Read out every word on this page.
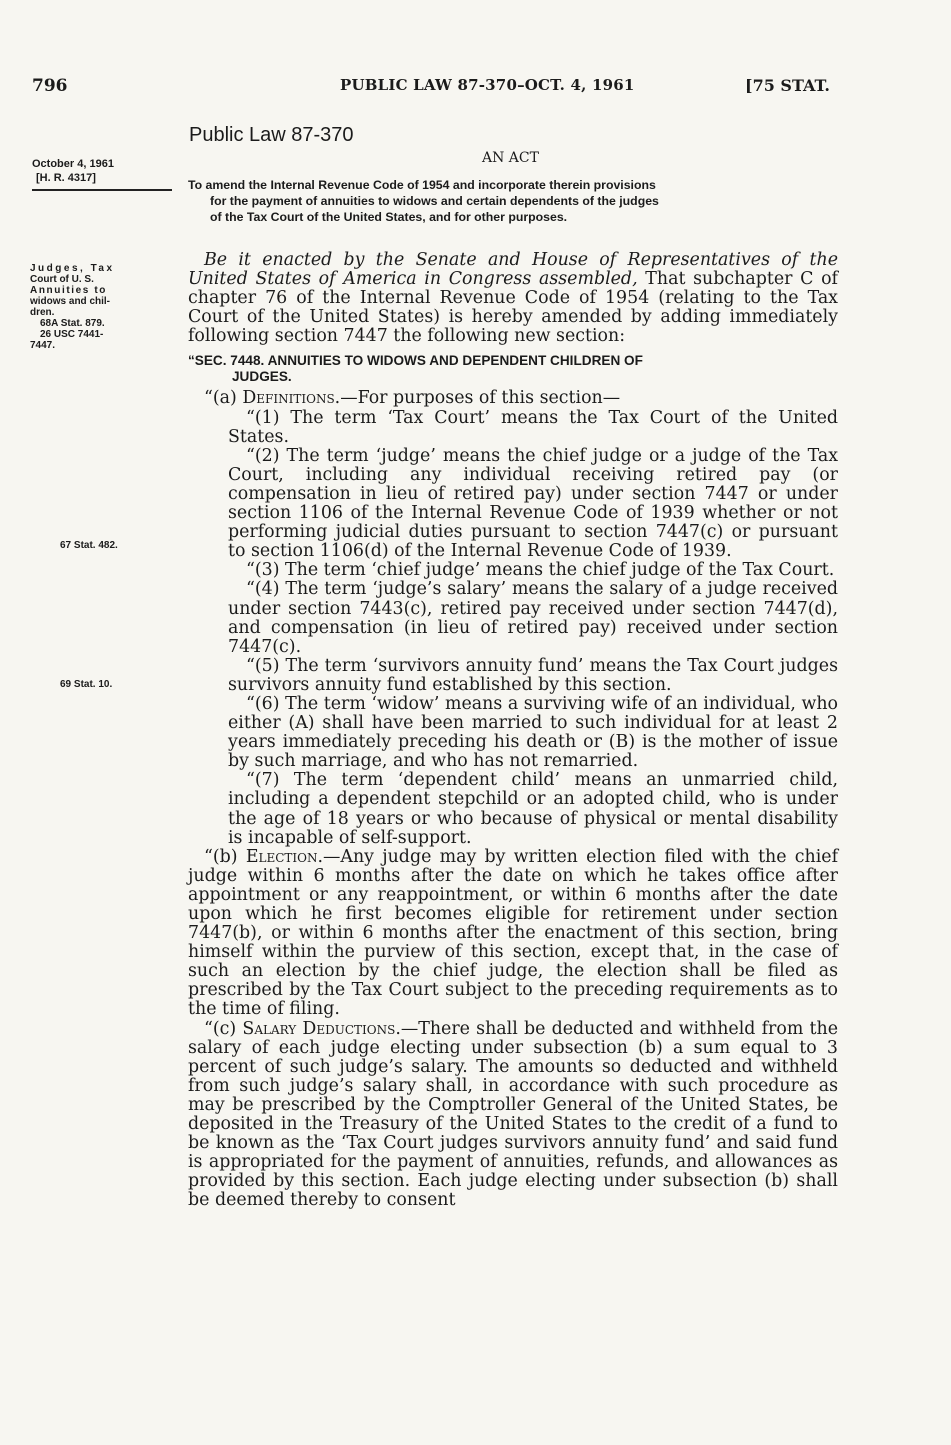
796	PUBLIC LAW 87-370–OCT. 4, 1961	[75 STAT.
Public Law 87-370
AN ACT
October 4, 1961
[H. R. 4317]	To amend the Internal Revenue Code of 1954 and incorporate therein provisions
for the payment of annuities to widows and certain dependents of the judges
of the Tax Court of the United States, and for other purposes.
Judges, Tax
Court of U. S.
Annuities to
widows and chil-
dren.
68A Stat. 879.
26 USC 7441-
7447.
67 Stat. 482.
69 Stat. 10.

Be it enacted by the Senate and House of Representatives of the United States of America in Congress assembled, That subchapter C of chapter 76 of the Internal Revenue Code of 1954 (relating to the Tax Court of the United States) is hereby amended by adding immediately following section 7447 the following new section:

“SEC. 7448. ANNUITIES TO WIDOWS AND DEPENDENT CHILDREN OF
JUDGES.

“(a) Definitions.—For purposes of this section—

“(1) The term ‘Tax Court’ means the Tax Court of the United States.

“(2) The term ‘judge’ means the chief judge or a judge of the Tax Court, including any individual receiving retired pay (or compensation in lieu of retired pay) under section 7447 or under section 1106 of the Internal Revenue Code of 1939 whether or not performing judicial duties pursuant to section 7447(c) or pursuant to section 1106(d) of the Internal Revenue Code of 1939.

“(3) The term ‘chief judge’ means the chief judge of the Tax Court.

“(4) The term ‘judge’s salary’ means the salary of a judge received under section 7443(c), retired pay received under section 7447(d), and compensation (in lieu of retired pay) received under section 7447(c).

“(5) The term ‘survivors annuity fund’ means the Tax Court judges survivors annuity fund established by this section.

“(6) The term ‘widow’ means a surviving wife of an individual, who either (A) shall have been married to such individual for at least 2 years immediately preceding his death or (B) is the mother of issue by such marriage, and who has not remarried.

“(7) The term ‘dependent child’ means an unmarried child, including a dependent stepchild or an adopted child, who is under the age of 18 years or who because of physical or mental disability is incapable of self-support.

“(b) Election.—Any judge may by written election filed with the chief judge within 6 months after the date on which he takes office after appointment or any reappointment, or within 6 months after the date upon which he first becomes eligible for retirement under section 7447(b), or within 6 months after the enactment of this section, bring himself within the purview of this section, except that, in the case of such an election by the chief judge, the election shall be filed as prescribed by the Tax Court subject to the preceding requirements as to the time of filing.

“(c) Salary Deductions.—There shall be deducted and withheld from the salary of each judge electing under subsection (b) a sum equal to 3 percent of such judge’s salary. The amounts so deducted and withheld from such judge’s salary shall, in accordance with such procedure as may be prescribed by the Comptroller General of the United States, be deposited in the Treasury of the United States to the credit of a fund to be known as the ‘Tax Court judges survivors annuity fund’ and said fund is appropriated for the payment of annuities, refunds, and allowances as provided by this section. Each judge electing under subsection (b) shall be deemed thereby to consent
